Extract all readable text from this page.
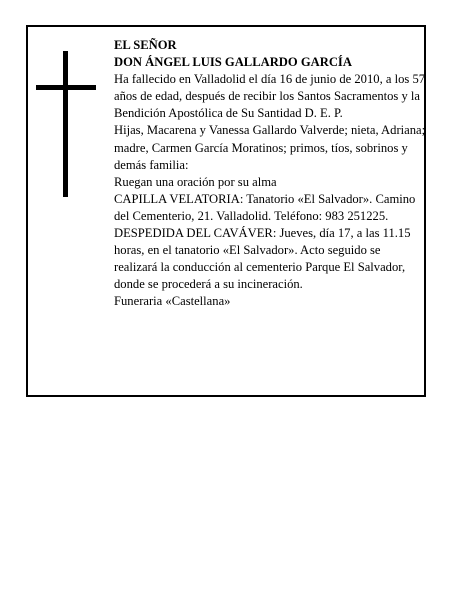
EL SEÑOR

DON ÁNGEL LUIS GALLARDO GARCÍA

Ha fallecido en Valladolid el día 16 de junio de 2010, a los 57 años de edad, después de recibir los Santos Sacramentos y la Bendición Apostólica de Su Santidad D. E. P.

Hijas, Macarena y Vanessa Gallardo Valverde; nieta, Adriana; madre, Carmen García Moratinos; primos, tíos, sobrinos y demás familia:

Ruegan una oración por su alma

CAPILLA VELATORIA: Tanatorio «El Salvador». Camino del Cementerio, 21. Valladolid. Teléfono: 983 251225.

DESPEDIDA DEL CAVÁVER: Jueves, día 17, a las 11.15 horas, en el tanatorio «El Salvador». Acto seguido se realizará la conducción al cementerio Parque El Salvador, donde se procederá a su incineración.

Funeraria «Castellana»
